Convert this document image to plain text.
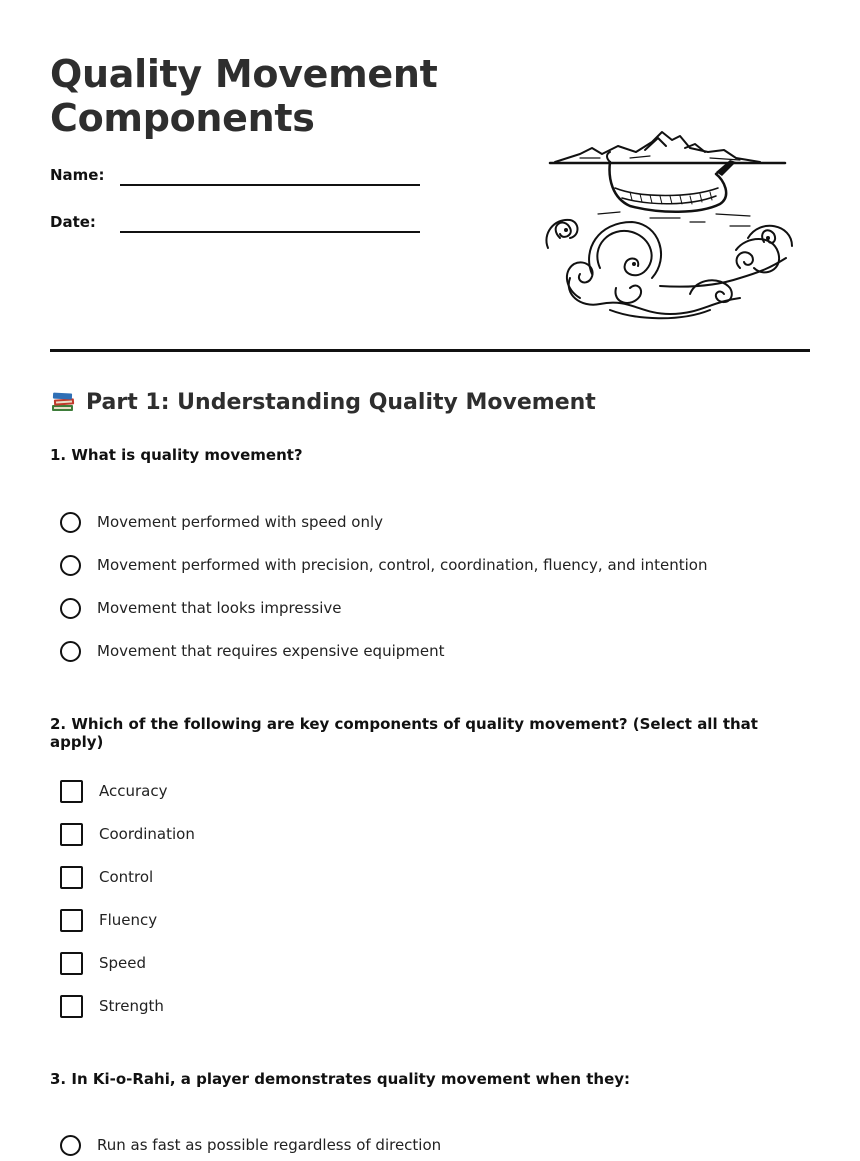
Quality Movement
Components
Name:
Date:
Part 1: Understanding Quality Movement
1. What is quality movement?
Movement performed with speed only
Movement performed with precision, control, coordination, fluency, and intention
Movement that looks impressive
Movement that requires expensive equipment
2. Which of the following are key components of quality movement? (Select all that apply)
Accuracy
Coordination
Control
Fluency
Speed
Strength
3. In Ki-o-Rahi, a player demonstrates quality movement when they:
Run as fast as possible regardless of direction
